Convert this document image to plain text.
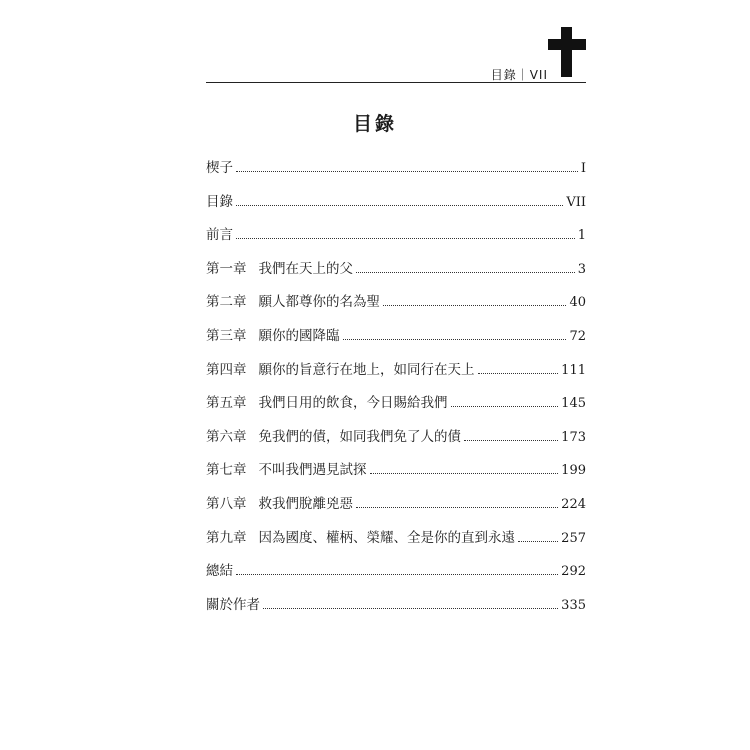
目錄｜VII
目錄
楔子	I
目錄	VII
前言	1
第一章 我們在天上的父	3
第二章 願人都尊你的名為聖	40
第三章 願你的國降臨	72
第四章 願你的旨意行在地上，如同行在天上	111
第五章 我們日用的飲食，今日賜給我們	145
第六章 免我們的債，如同我們免了人的債	173
第七章 不叫我們遇見試探	199
第八章 救我們脫離兇惡	224
第九章 因為國度、權柄、榮耀、全是你的直到永遠	257
總結	292
關於作者	335
